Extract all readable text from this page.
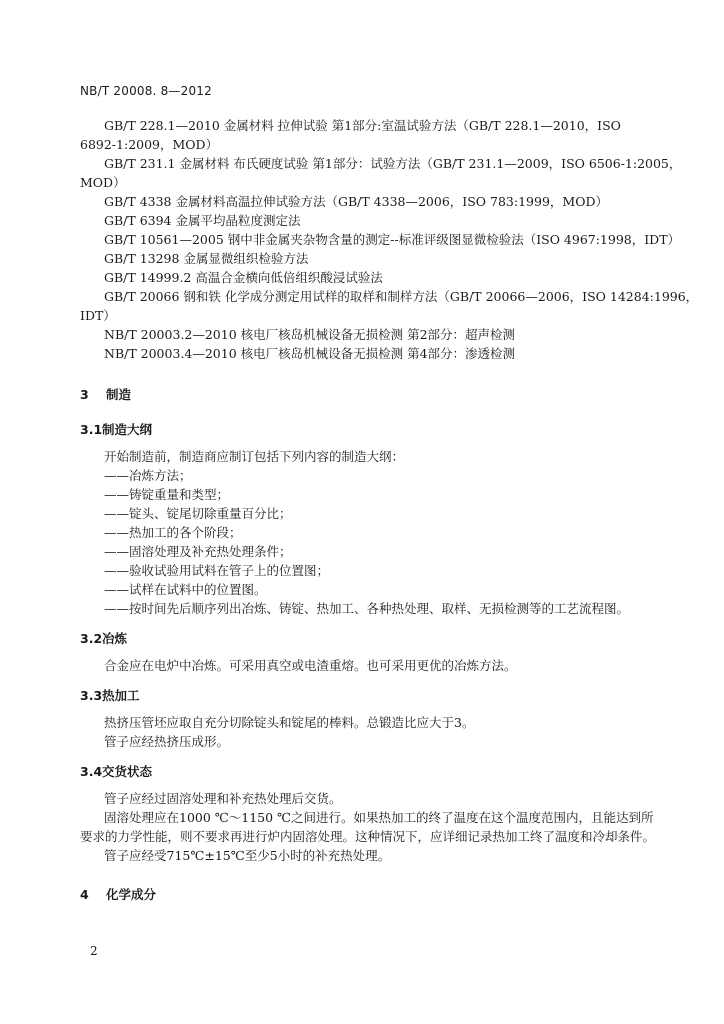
NB/T 20008. 8—2012
GB/T 228.1—2010 金属材料 拉伸试验 第1部分:室温试验方法（GB/T 228.1—2010，ISO
6892-1:2009，MOD）
GB/T 231.1 金属材料 布氏硬度试验 第1部分：试验方法（GB/T 231.1—2009，ISO 6506-1:2005，
MOD）
GB/T 4338 金属材料高温拉伸试验方法（GB/T 4338—2006，ISO 783:1999，MOD）
GB/T 6394 金属平均晶粒度测定法
GB/T 10561—2005 钢中非金属夹杂物含量的测定--标准评级图显微检验法（ISO 4967:1998，IDT）
GB/T 13298 金属显微组织检验方法
GB/T 14999.2 高温合金横向低倍组织酸浸试验法
GB/T 20066 钢和铁 化学成分测定用试样的取样和制样方法（GB/T 20066—2006，ISO 14284:1996，
IDT）
NB/T 20003.2—2010 核电厂核岛机械设备无损检测 第2部分：超声检测
NB/T 20003.4—2010 核电厂核岛机械设备无损检测 第4部分：渗透检测
3 制造
3.1制造大纲
开始制造前，制造商应制订包括下列内容的制造大纲：
——冶炼方法；
——铸锭重量和类型；
——锭头、锭尾切除重量百分比；
——热加工的各个阶段；
——固溶处理及补充热处理条件；
——验收试验用试料在管子上的位置图；
——试样在试料中的位置图。
——按时间先后顺序列出冶炼、铸锭、热加工、各种热处理、取样、无损检测等的工艺流程图。
3.2冶炼
合金应在电炉中冶炼。可采用真空或电渣重熔。也可采用更优的冶炼方法。
3.3热加工
热挤压管坯应取自充分切除锭头和锭尾的棒料。总锻造比应大于3。
管子应经热挤压成形。
3.4交货状态
管子应经过固溶处理和补充热处理后交货。
固溶处理应在1000 ℃～1150 ℃之间进行。如果热加工的终了温度在这个温度范围内，且能达到所
要求的力学性能，则不要求再进行炉内固溶处理。这种情况下，应详细记录热加工终了温度和冷却条件。
管子应经受715℃±15℃至少5小时的补充热处理。
4 化学成分
2
